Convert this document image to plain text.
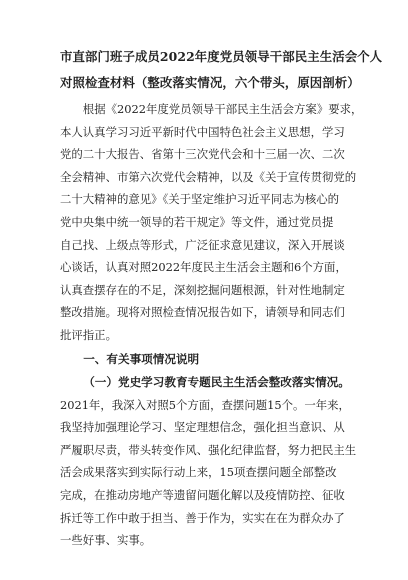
市直部门班子成员2022年度党员领导干部民主生活会个人

对照检查材料（整改落实情况，六个带头，原因剖析）

根据《2022年度党员领导干部民主生活会方案》要求，
本人认真学习习近平新时代中国特色社会主义思想，学习
党的二十大报告、省第十三次党代会和十三届一次、二次
全会精神、市第六次党代会精神，以及《关于宣传贯彻党的
二十大精神的意见》《关于坚定维护习近平同志为核心的
党中央集中统一领导的若干规定》等文件，通过党员提
自己找、上级点等形式，广泛征求意见建议，深入开展谈
心谈话，认真对照2022年度民主生活会主题和6个方面，
认真查摆存在的不足，深刻挖掘问题根源，针对性地制定
整改措施。现将对照检查情况报告如下，请领导和同志们
批评指正。

一、有关事项情况说明

（一）党史学习教育专题民主生活会整改落实情况。

2021年，我深入对照5个方面，查摆问题15个。一年来，
我坚持加强理论学习、坚定理想信念，强化担当意识、从
严履职尽责，带头转变作风、强化纪律监督，努力把民主生
活会成果落实到实际行动上来，15项查摆问题全部整改
完成，在推动房地产等遗留问题化解以及疫情防控、征收
拆迁等工作中敢于担当、善于作为，实实在在为群众办了
一些好事、实事。
